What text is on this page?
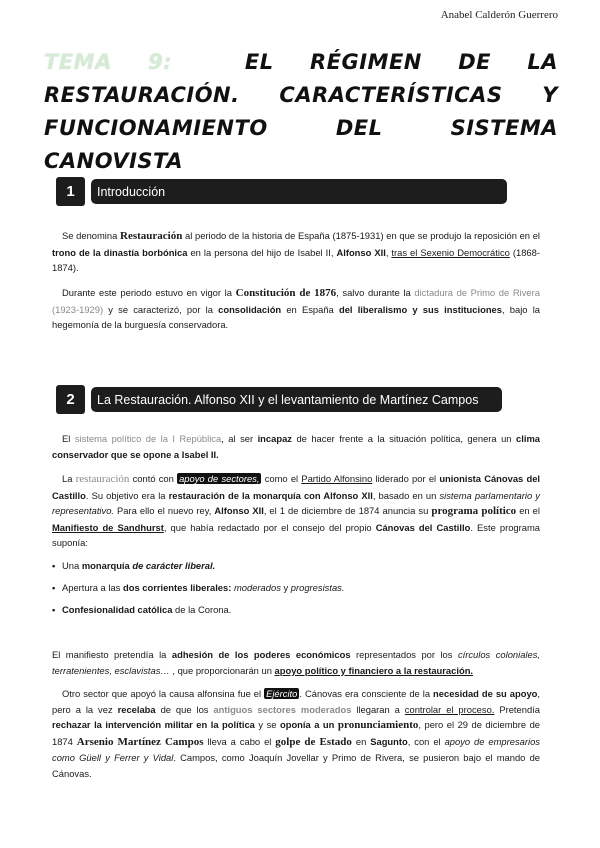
Anabel Calderón Guerrero
TEMA 9:	EL RÉGIMEN DE LA
RESTAURACIÓN. CARACTERÍSTICAS Y
FUNCIONAMIENTO DEL SISTEMA CANOVISTA
1	Introducción

Se denomina Restauración al periodo de la historia de España (1875-1931) en que se produjo la reposición en el trono de la dinastía borbónica en la persona del hijo de Isabel II, Alfonso XII, tras el Sexenio Democrático (1868-1874).

Durante este periodo estuvo en vigor la Constitución de 1876, salvo durante la dictadura de Primo de Rivera (1923-1929) y se caracterizó, por la consolidación en España del liberalismo y sus instituciones, bajo la hegemonía de la burguesía conservadora.

2	La Restauración. Alfonso XII y el levantamiento de Martínez Campos

El sistema político de la I República, al ser incapaz de hacer frente a la situación política, genera un clima conservador que se opone a Isabel II.

La restauración contó con apoyo de sectores, como el Partido Alfonsino liderado por el unionista Cánovas del Castillo. Su objetivo era la restauración de la monarquía con Alfonso XII, basado en un sistema parlamentario y representativo. Para ello el nuevo rey, Alfonso XII, el 1 de diciembre de 1874 anuncia su programa político en el Manifiesto de Sandhurst, que había redactado por el consejo del propio Cánovas del Castillo. Este programa suponía:

• Una monarquía de carácter liberal.
• Apertura a las dos corrientes liberales: moderados y progresistas.
• Confesionalidad católica de la Corona.

El manifiesto pretendía la adhesión de los poderes económicos representados por los círculos coloniales, terratenientes, esclavistas… , que proporcionarán un apoyo político y financiero a la restauración.

Otro sector que apoyó la causa alfonsina fue el Ejército . Cánovas era consciente de la necesidad de su apoyo, pero a la vez recelaba de que los antiguos sectores moderados llegaran a controlar el proceso. Pretendía rechazar la intervención militar en la política y se oponía a un pronunciamiento, pero el 29 de diciembre de 1874 Arsenio Martínez Campos lleva a cabo el golpe de Estado en Sagunto, con el apoyo de empresarios como Güell y Ferrer y Vidal. Campos, como Joaquín Jovellar y Primo de Rivera, se pusieron bajo el mando de Cánovas.
